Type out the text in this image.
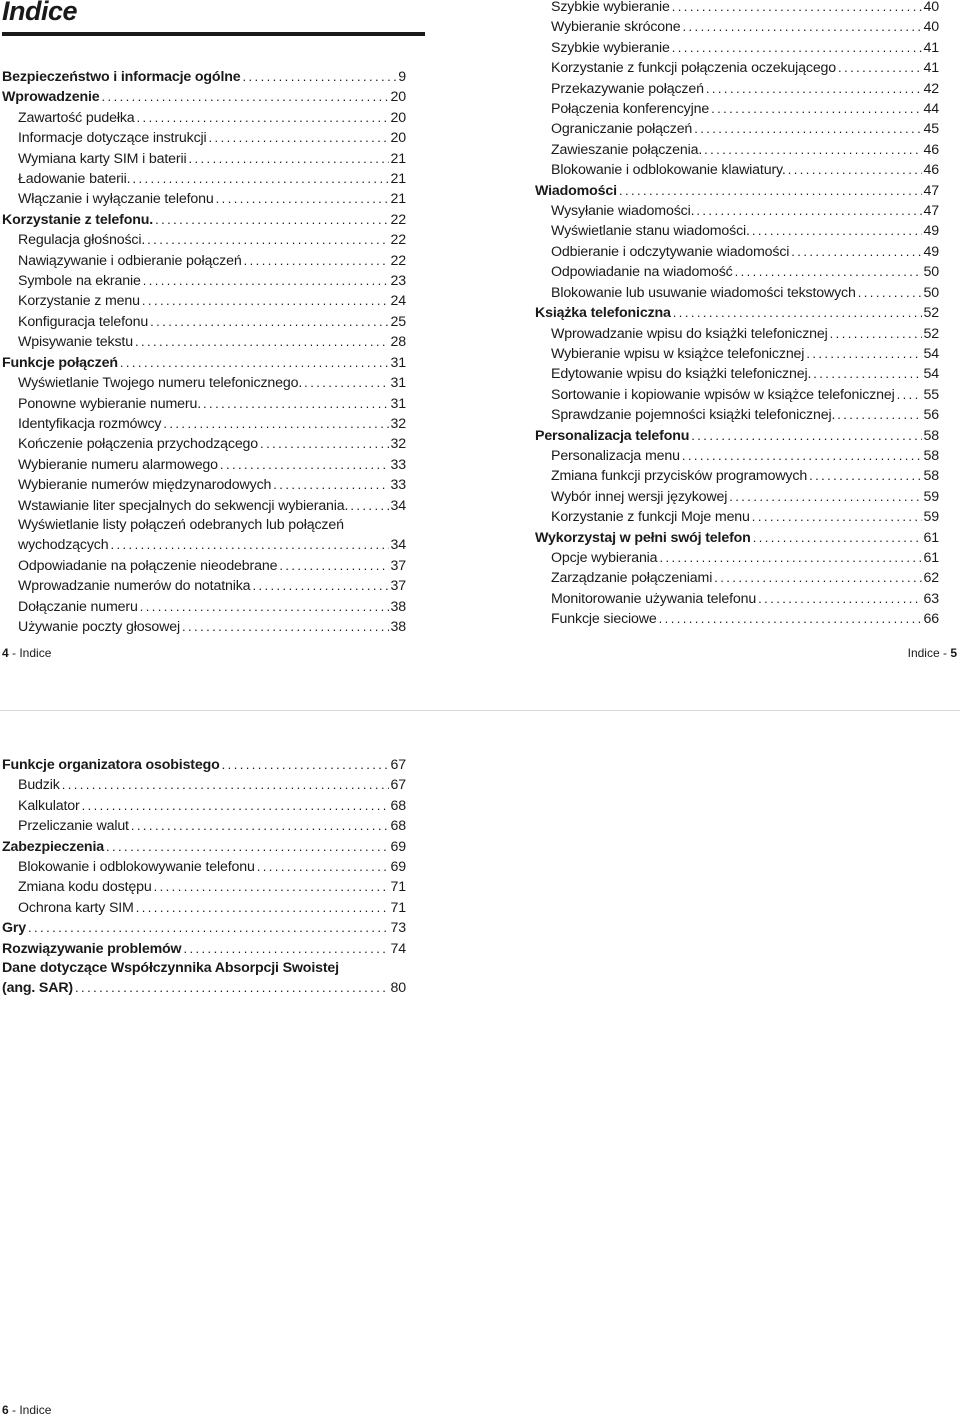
Indice
Bezpieczeństwo i informacje ogólne . . .	9
Wprowadzenie . . .	20
Zawartość pudełka . . .	20
Informacje dotyczące instrukcji . . .	20
Wymiana karty SIM i baterii . . .	21
Ładowanie baterii. . . .	21
Włączanie i wyłączanie telefonu . . .	21
Korzystanie z telefonu. . . .	22
Regulacja głośności. . . .	22
Nawiązywanie i odbieranie połączeń . . .	22
Symbole na ekranie . . .	23
Korzystanie z menu . . .	24
Konfiguracja telefonu . . .	25
Wpisywanie tekstu . . .	28
Funkcje połączeń . . .	31
Wyświetlanie Twojego numeru telefonicznego. . . .	31
Ponowne wybieranie numeru. . . .	31
Identyfikacja rozmówcy . . .	32
Kończenie połączenia przychodzącego . . .	32
Wybieranie numeru alarmowego . . .	33
Wybieranie numerów międzynarodowych . . .	33
Wstawianie liter specjalnych do sekwencji wybierania. . . .	34
Wyświetlanie listy połączeń odebranych lub połączeń
wychodzących . . .	34
Odpowiadanie na połączenie nieodebrane . . .	37
Wprowadzanie numerów do notatnika . . .	37
Dołączanie numeru . . .	38
Używanie poczty głosowej . . .	38
Szybkie wybieranie . . .	40
Wybieranie skrócone . . .	40
Szybkie wybieranie . . .	41
Korzystanie z funkcji połączenia oczekującego . . .	41
Przekazywanie połączeń . . .	42
Połączenia konferencyjne . . .	44
Ograniczanie połączeń . . .	45
Zawieszanie połączenia. . . .	46
Blokowanie i odblokowanie klawiatury. . . .	46
Wiadomości . . .	47
Wysyłanie wiadomości. . . .	47
Wyświetlanie stanu wiadomości. . . .	49
Odbieranie i odczytywanie wiadomości . . .	49
Odpowiadanie na wiadomość . . .	50
Blokowanie lub usuwanie wiadomości tekstowych . . .	50
Książka telefoniczna . . .	52
Wprowadzanie wpisu do książki telefonicznej . . .	52
Wybieranie wpisu w książce telefonicznej . . .	54
Edytowanie wpisu do książki telefonicznej. . . .	54
Sortowanie i kopiowanie wpisów w książce telefonicznej . . . 55
Sprawdzanie pojemności książki telefonicznej. . . .	56
Personalizacja telefonu . . .	58
Personalizacja menu . . .	58
Zmiana funkcji przycisków programowych . . .	58
Wybór innej wersji językowej . . .	59
Korzystanie z funkcji Moje menu . . .	59
Wykorzystaj w pełni swój telefon . . .	61
Opcje wybierania . . .	61
Zarządzanie połączeniami . . .	62
Monitorowanie używania telefonu . . .	63
Funkcje sieciowe . . .	66
4 - Indice	Indice - 5
Funkcje organizatora osobistego . . .	67
Budzik . . .	67
Kalkulator . . .	68
Przeliczanie walut . . .	68
Zabezpieczenia . . .	69
Blokowanie i odblokowywanie telefonu . . .	69
Zmiana kodu dostępu . . .	71
Ochrona karty SIM . . .	71
Gry . . .	73
Rozwiązywanie problemów . . .	74
Dane dotyczące Współczynnika Absorpcji Swoistej
(ang. SAR) . . .	80
6 - Indice
